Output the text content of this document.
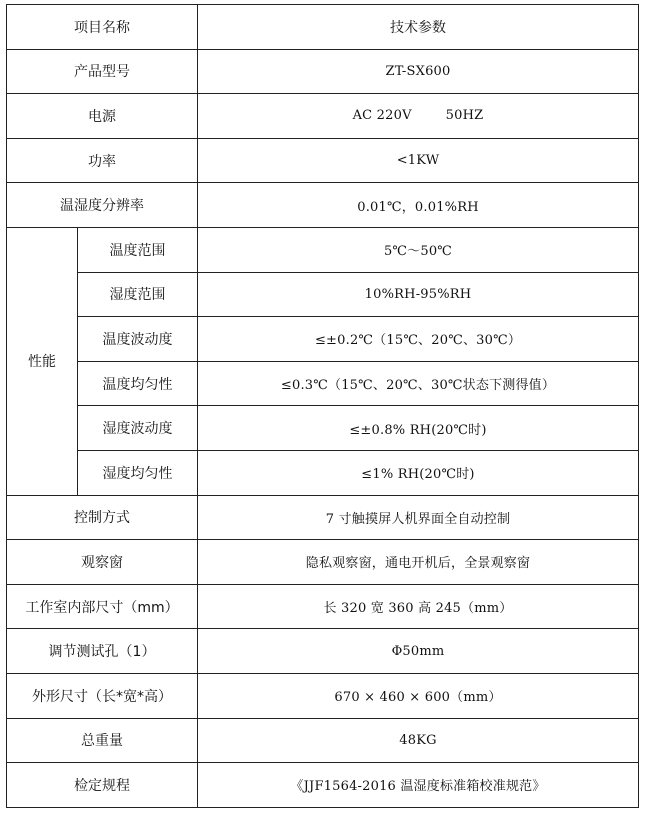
项目名称		技术参数
产品型号		ZT-SX600
电源		AC 220V 50HZ
功率		<1KW
温湿度分辨率		0.01℃，0.01%RH
性能	温度范围	5℃～50℃
	湿度范围	10%RH-95%RH
	温度波动度	≤±0.2℃（15℃、20℃、30℃）
	温度均匀性	≤0.3℃（15℃、20℃、30℃状态下测得值）
	湿度波动度	≤±0.8% RH(20℃时)
	湿度均匀性	≤1% RH(20℃时)
控制方式		7 寸触摸屏人机界面全自动控制
观察窗		隐私观察窗，通电开机后，全景观察窗
工作室内部尺寸（mm）		长 320 宽 360 高 245（mm）
调节测试孔（1）		Φ50mm
外形尺寸（长*宽*高）		670 × 460 × 600（mm）
总重量		48KG
检定规程		《JJF1564-2016 温湿度标准箱校准规范》
